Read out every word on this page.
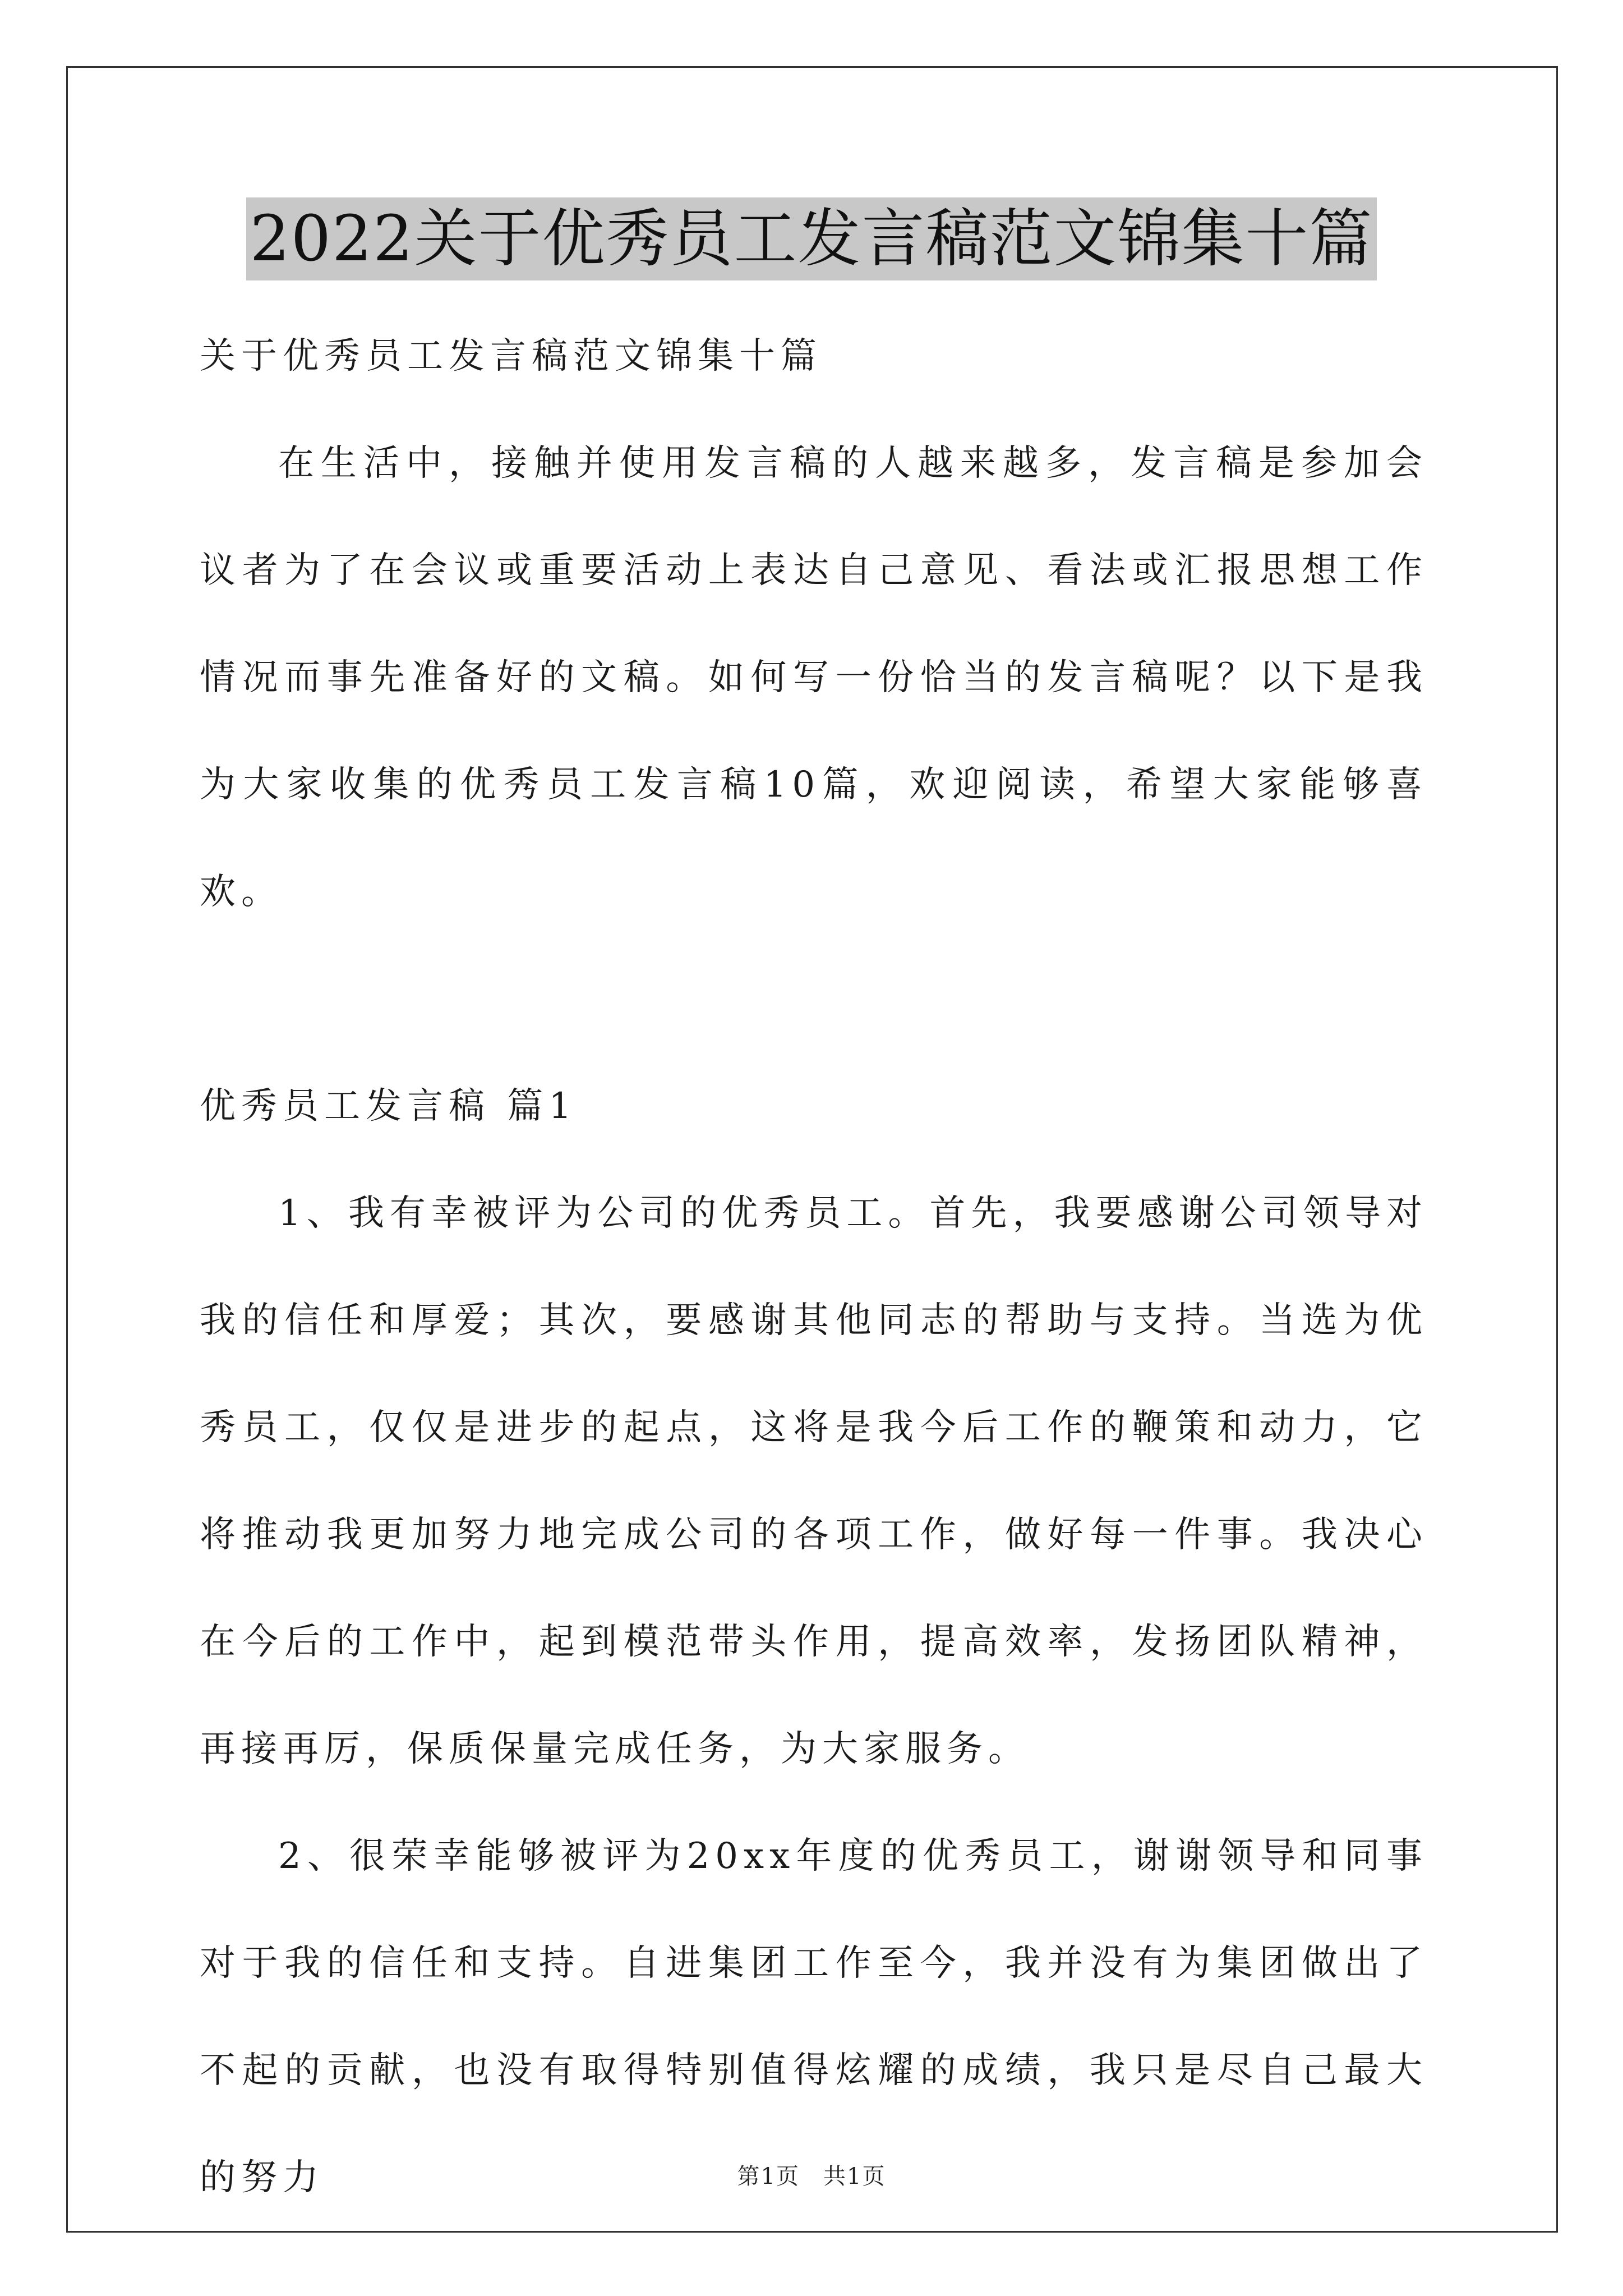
2022关于优秀员工发言稿范文锦集十篇

关于优秀员工发言稿范文锦集十篇

在生活中，接触并使用发言稿的人越来越多，发言稿是参加会议者为了在会议或重要活动上表达自己意见、看法或汇报思想工作情况而事先准备好的文稿。如何写一份恰当的发言稿呢？以下是我为大家收集的优秀员工发言稿10篇，欢迎阅读，希望大家能够喜欢。

优秀员工发言稿 篇1

1、我有幸被评为公司的优秀员工。首先，我要感谢公司领导对我的信任和厚爱；其次，要感谢其他同志的帮助与支持。当选为优秀员工，仅仅是进步的起点，这将是我今后工作的鞭策和动力，它将推动我更加努力地完成公司的各项工作，做好每一件事。我决心在今后的工作中，起到模范带头作用，提高效率，发扬团队精神，再接再厉，保质保量完成任务，为大家服务。

2、很荣幸能够被评为20xx年度的优秀员工，谢谢领导和同事对于我的信任和支持。自进集团工作至今，我并没有为集团做出了不起的贡献，也没有取得特别值得炫耀的成绩，我只是尽自己最大的努力	第1页　共1页
